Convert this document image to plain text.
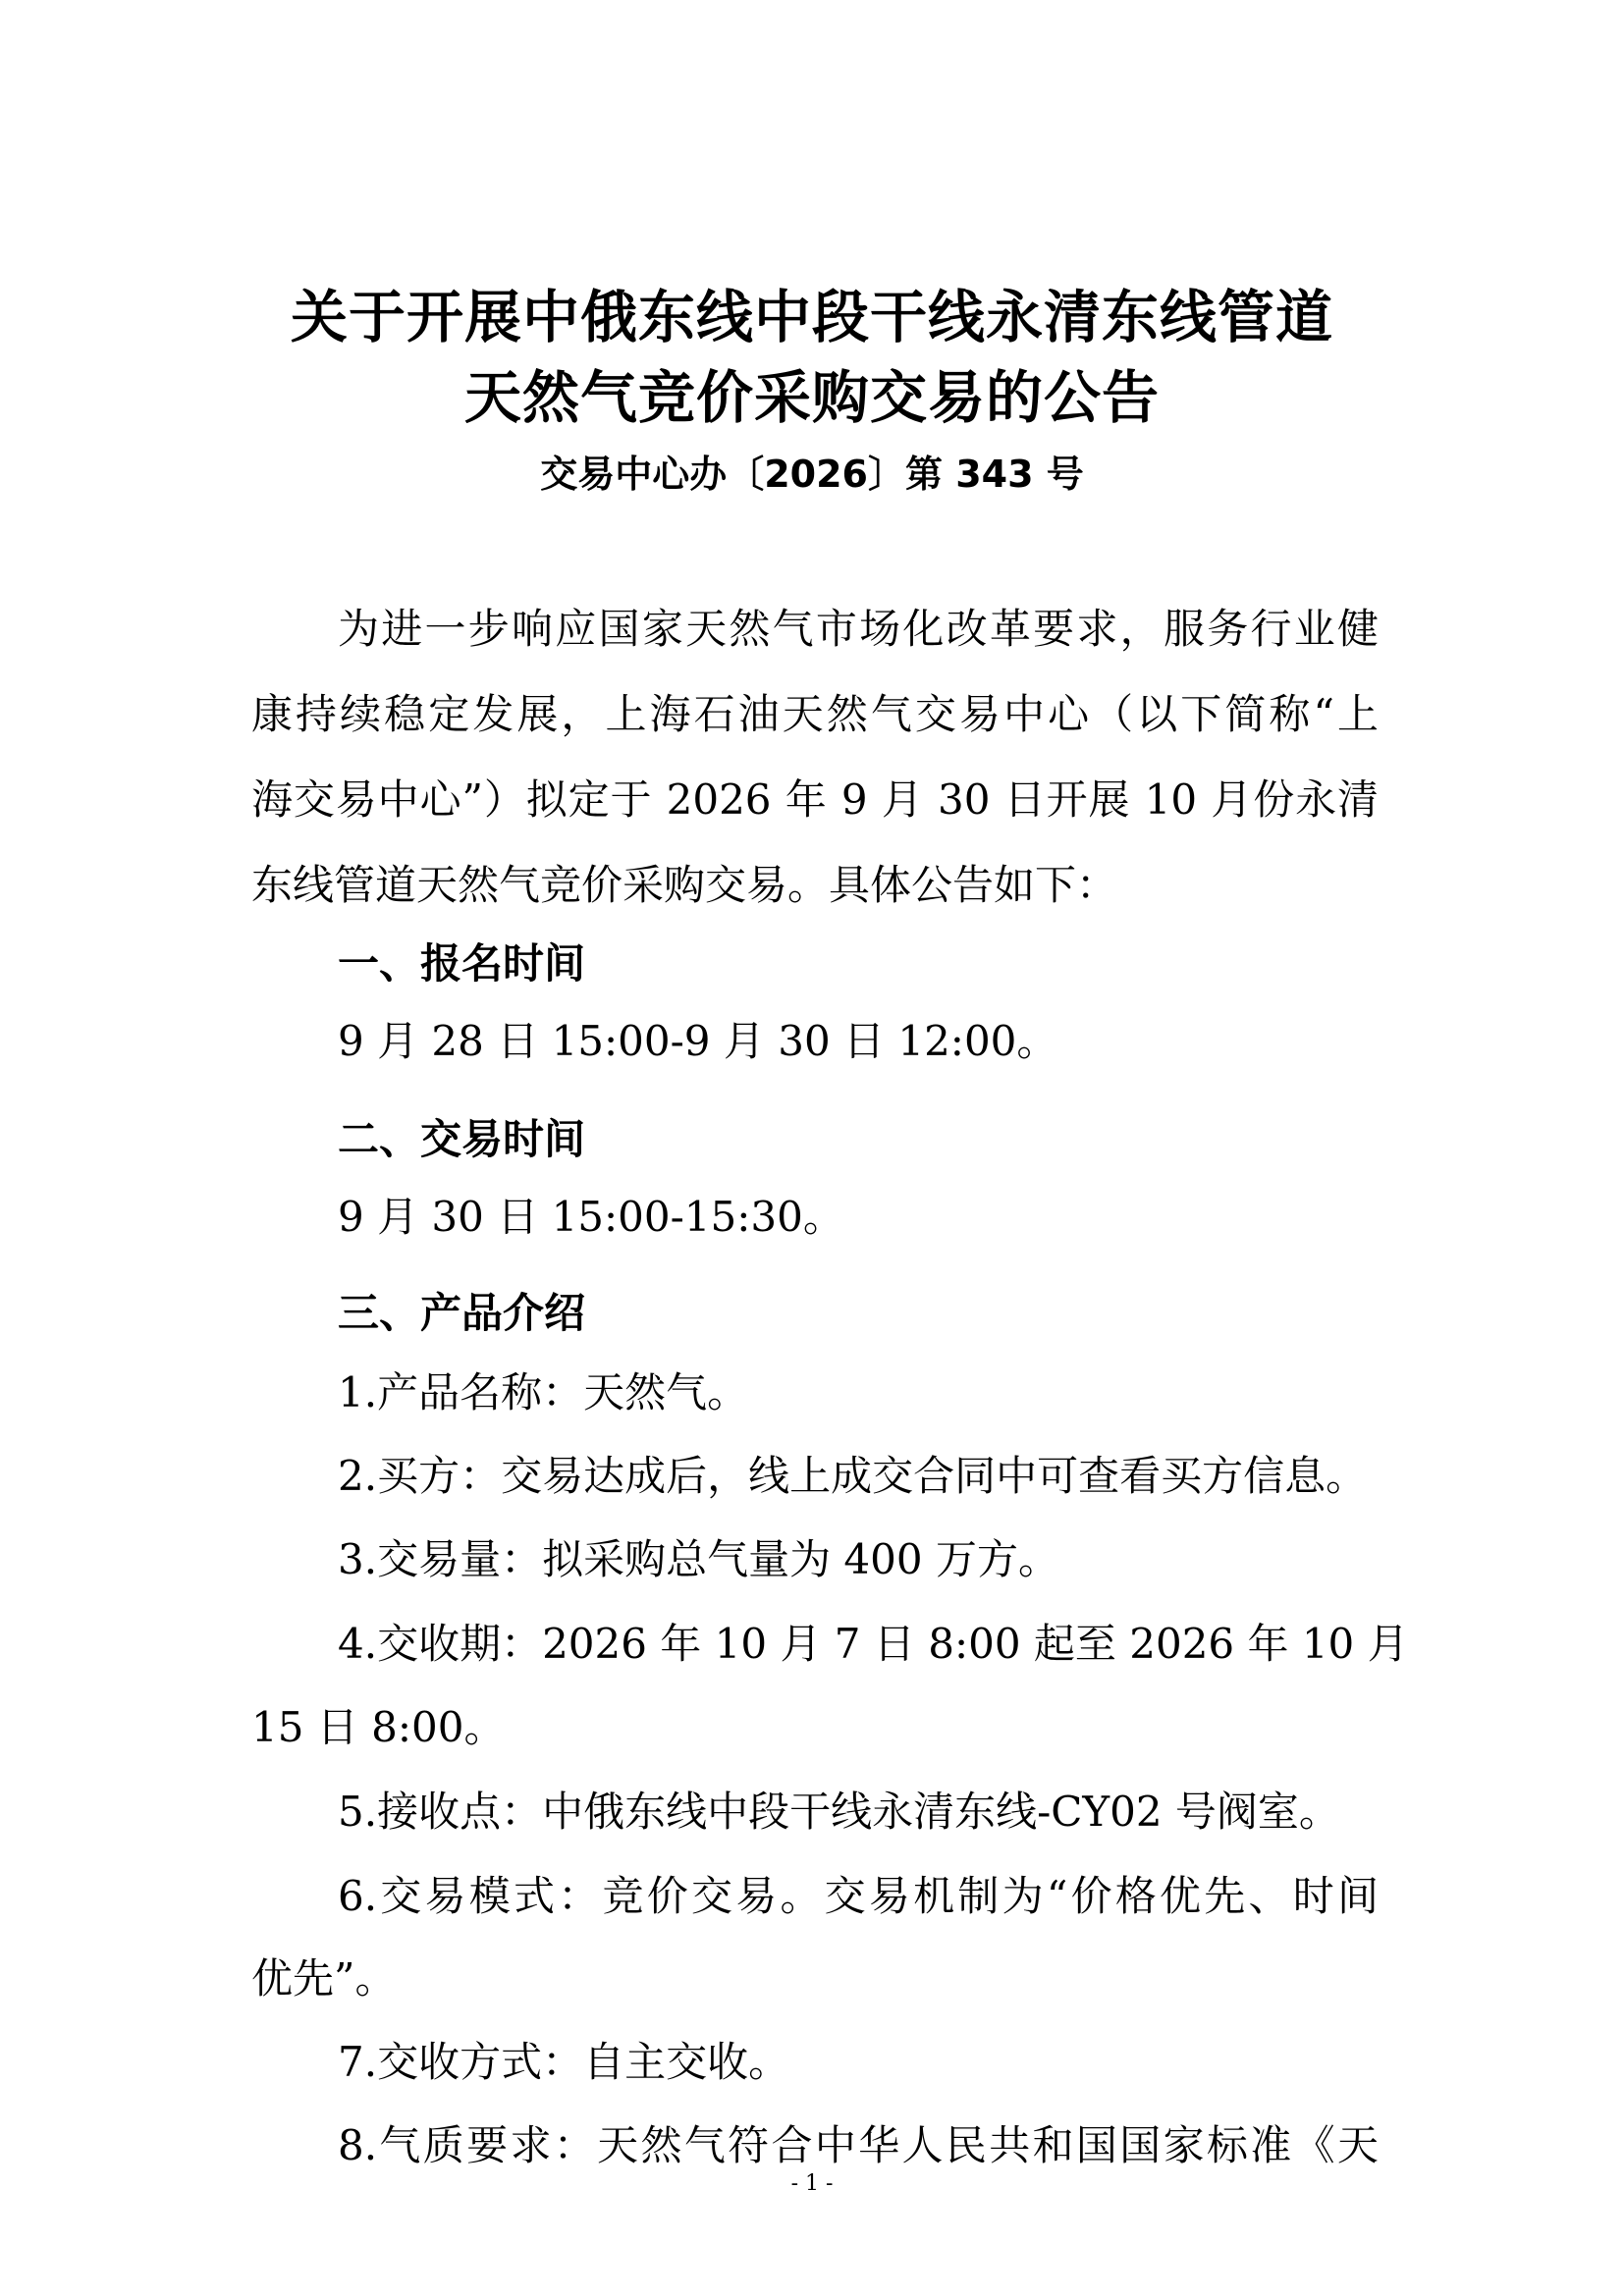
关于开展中俄东线中段干线永清东线管道
天然气竞价采购交易的公告
交易中心办〔2026〕第 343 号
为进一步响应国家天然气市场化改革要求，服务行业健
康持续稳定发展，上海石油天然气交易中心（以下简称“上
海交易中心”）拟定于 2026 年 9 月 30 日开展 10 月份永清
东线管道天然气竞价采购交易。具体公告如下：
一、报名时间
9 月 28 日 15:00-9 月 30 日 12:00。
二、交易时间
9 月 30 日 15:00-15:30。
三、产品介绍
1.产品名称：天然气。
2.买方：交易达成后，线上成交合同中可查看买方信息。
3.交易量：拟采购总气量为 400 万方。
4.交收期：2026 年 10 月 7 日 8:00 起至 2026 年 10 月
15 日 8:00。
5.接收点：中俄东线中段干线永清东线-CY02 号阀室。
6.交易模式：竞价交易。交易机制为“价格优先、时间
优先”。
7.交收方式：自主交收。
8.气质要求：天然气符合中华人民共和国国家标准《天
- 1 -
